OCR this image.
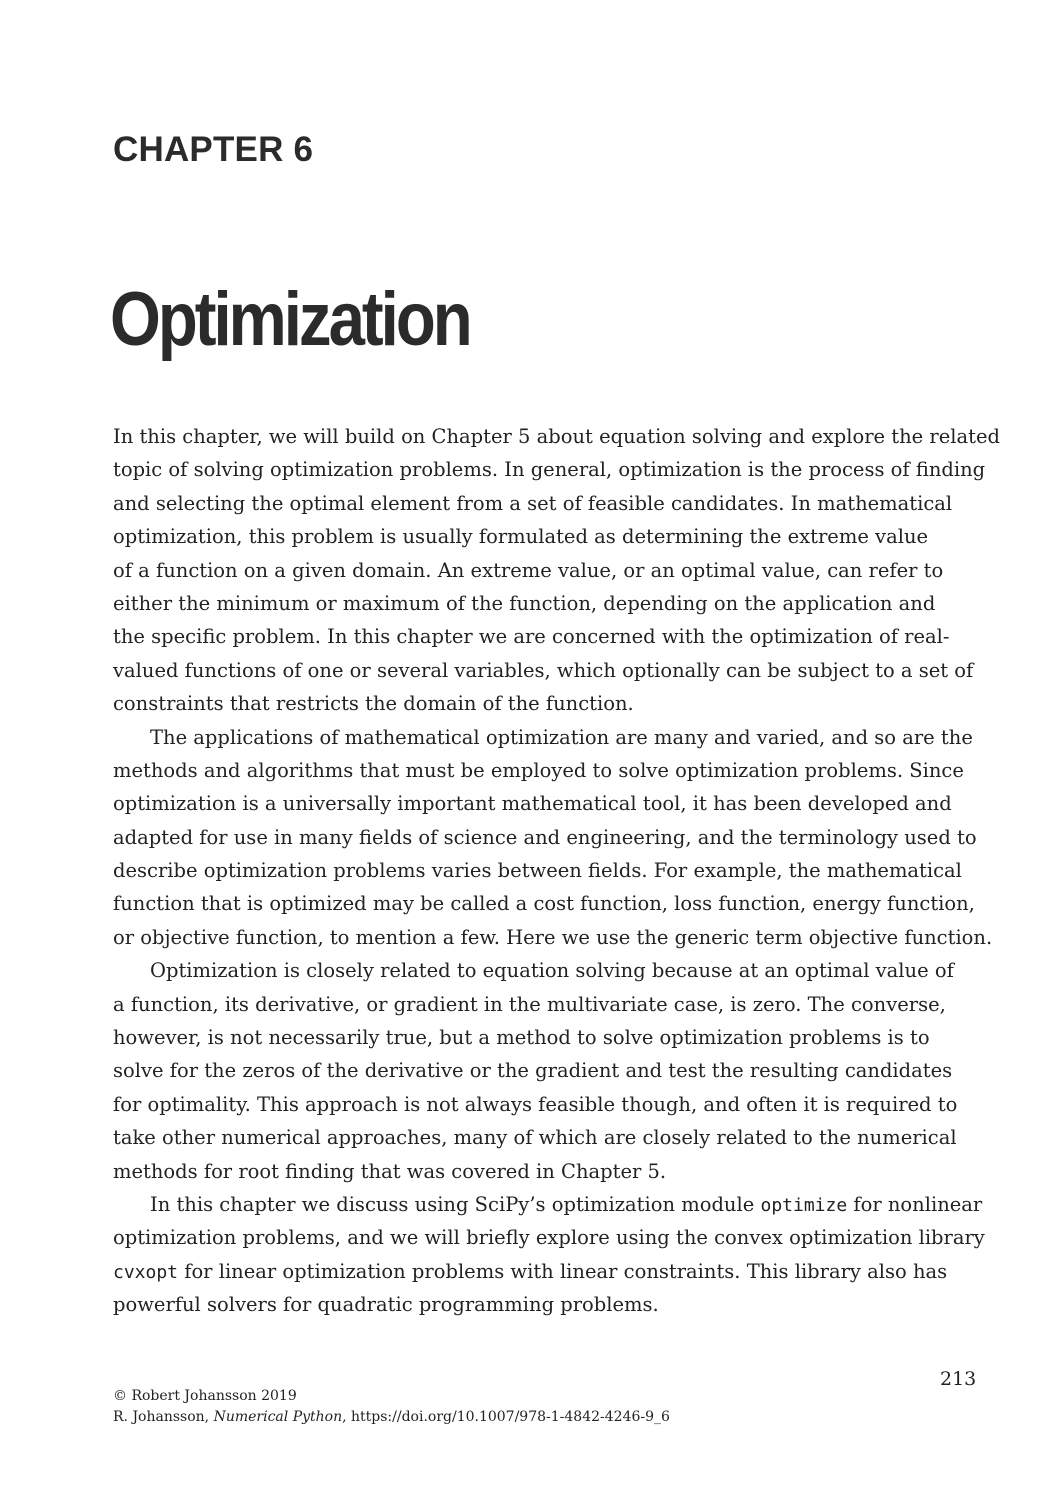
CHAPTER 6
Optimization

In this chapter, we will build on Chapter 5 about equation solving and explore the related
topic of solving optimization problems. In general, optimization is the process of finding
and selecting the optimal element from a set of feasible candidates. In mathematical
optimization, this problem is usually formulated as determining the extreme value
of a function on a given domain. An extreme value, or an optimal value, can refer to
either the minimum or maximum of the function, depending on the application and
the specific problem. In this chapter we are concerned with the optimization of real-
valued functions of one or several variables, which optionally can be subject to a set of
constraints that restricts the domain of the function.

The applications of mathematical optimization are many and varied, and so are the
methods and algorithms that must be employed to solve optimization problems. Since
optimization is a universally important mathematical tool, it has been developed and
adapted for use in many fields of science and engineering, and the terminology used to
describe optimization problems varies between fields. For example, the mathematical
function that is optimized may be called a cost function, loss function, energy function,
or objective function, to mention a few. Here we use the generic term objective function.

Optimization is closely related to equation solving because at an optimal value of
a function, its derivative, or gradient in the multivariate case, is zero. The converse,
however, is not necessarily true, but a method to solve optimization problems is to
solve for the zeros of the derivative or the gradient and test the resulting candidates
for optimality. This approach is not always feasible though, and often it is required to
take other numerical approaches, many of which are closely related to the numerical
methods for root finding that was covered in Chapter 5.

In this chapter we discuss using SciPy’s optimization module optimize for nonlinear
optimization problems, and we will briefly explore using the convex optimization library
cvxopt for linear optimization problems with linear constraints. This library also has
powerful solvers for quadratic programming problems.

213
© Robert Johansson 2019
R. Johansson, Numerical Python, https://doi.org/10.1007/978-1-4842-4246-9_6
